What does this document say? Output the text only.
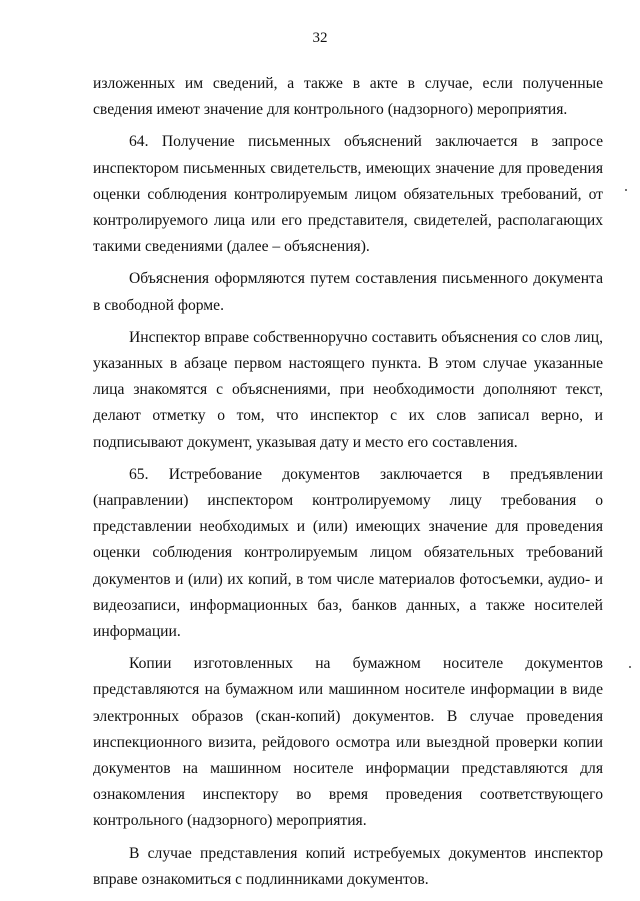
32

изложенных им сведений, а также в акте в случае, если полученные сведения имеют значение для контрольного (надзорного) мероприятия.

64. Получение письменных объяснений заключается в запросе инспектором письменных свидетельств, имеющих значение для проведения оценки соблюдения контролируемым лицом обязательных требований, от контролируемого лица или его представителя, свидетелей, располагающих такими сведениями (далее – объяснения).

Объяснения оформляются путем составления письменного документа в свободной форме.

Инспектор вправе собственноручно составить объяснения со слов лиц, указанных в абзаце первом настоящего пункта. В этом случае указанные лица знакомятся с объяснениями, при необходимости дополняют текст, делают отметку о том, что инспектор с их слов записал верно, и подписывают документ, указывая дату и место его составления.

65. Истребование документов заключается в предъявлении (направлении) инспектором контролируемому лицу требования о представлении необходимых и (или) имеющих значение для проведения оценки соблюдения контролируемым лицом обязательных требований документов и (или) их копий, в том числе материалов фотосъемки, аудио- и видеозаписи, информационных баз, банков данных, а также носителей информации.

Копии изготовленных на бумажном носителе документов представляются на бумажном или машинном носителе информации в виде электронных образов (скан-копий) документов. В случае проведения инспекционного визита, рейдового осмотра или выездной проверки копии документов на машинном носителе информации представляются для ознакомления инспектору во время проведения соответствующего контрольного (надзорного) мероприятия.

В случае представления копий истребуемых документов инспектор вправе ознакомиться с подлинниками документов.
